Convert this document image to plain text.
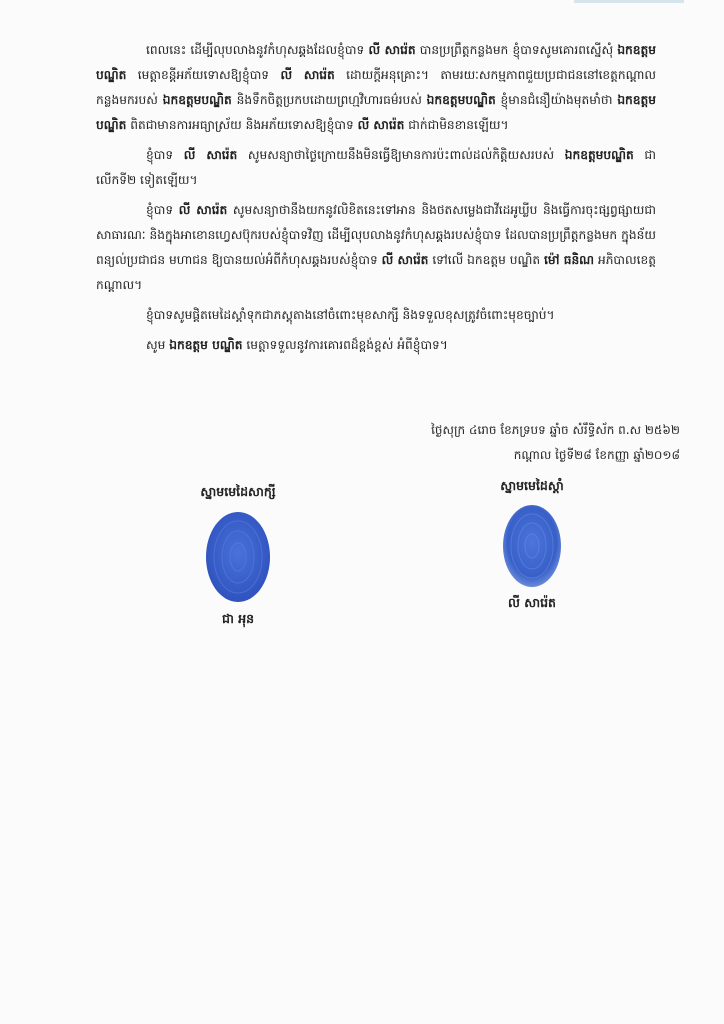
ពេលនេះ ដើម្បីលុបលាងនូវកំហុសឆ្គងដែលខ្ញុំបាទ លី សារ៉េត បានប្រព្រឹត្តកន្លងមក ខ្ញុំបាទសូមគោរពស្នើសុំ ឯកឧត្តមបណ្ឌិត មេត្តាខន្តីអភ័យទោសឱ្យខ្ញុំបាទ លី សារ៉េត ដោយក្តីអនុគ្រោះ។ តាមរយៈសកម្មភាពជួយប្រជាជននៅខេត្តកណ្តាលកន្លងមករបស់ ឯកឧត្តមបណ្ឌិត និងទឹកចិត្តប្រកបដោយព្រហ្មវិហារធម៌របស់ ឯកឧត្តមបណ្ឌិត ខ្ញុំមានជំនឿយ៉ាងមុតមាំថា ឯកឧត្តមបណ្ឌិត ពិតជាមានការអធ្យាស្រ័យ និងអភ័យទោសឱ្យខ្ញុំបាទ លី សារ៉េត ជាក់ជាមិនខានឡើយ។

ខ្ញុំបាទ លី សារ៉េត សូមសន្យាថាថ្ងៃក្រោយនឹងមិនធ្វើឱ្យមានការប៉ះពាល់ដល់កិត្តិយសរបស់ ឯកឧត្តមបណ្ឌិត ជាលើកទី២ ទៀតឡើយ។

ខ្ញុំបាទ លី សារ៉េត សូមសន្យាថានឹងយកនូវលិខិតនេះទៅអាន និងថតសម្លេងជាវីដេអូឃ្លីប និងធ្វើការចុះផ្សព្វផ្សាយជាសាធារណៈ និងក្នុងអាខោនហ្វេសប៊ុករបស់ខ្ញុំបាទវិញ ដើម្បីលុបលាងនូវកំហុសឆ្គងរបស់ខ្ញុំបាទ ដែលបានប្រព្រឹត្តកន្លងមក ក្នុងន័យពន្យល់ប្រជាជន មហាជន ឱ្យបានយល់អំពីកំហុសឆ្គងរបស់ខ្ញុំបាទ លី សារ៉េត ទៅលើ ឯកឧត្តម បណ្ឌិត ម៉ៅ ធនិណ អភិបាលខេត្តកណ្តាល។

ខ្ញុំបាទសូមផ្តិតមេដៃស្តាំទុកជាភស្តុតាងនៅចំពោះមុខសាក្សី និងទទួលខុសត្រូវចំពោះមុខច្បាប់។

សូម ឯកឧត្តម បណ្ឌិត មេត្តាទទួលនូវការគោរពដ៏ខ្ពង់ខ្ពស់ អំពីខ្ញុំបាទ។

ថ្ងៃសុក្រ ៤រោច ខែភទ្របទ ឆ្នាំច សំរឹទ្ធិស័ក ព.ស ២៥៦២
កណ្តាល ថ្ងៃទី២៨ ខែកញ្ញា ឆ្នាំ២០១៨
ស្នាមមេដៃសាក្សី
ជា អុន
ស្នាមមេដៃស្តាំ
លី សារ៉េត
